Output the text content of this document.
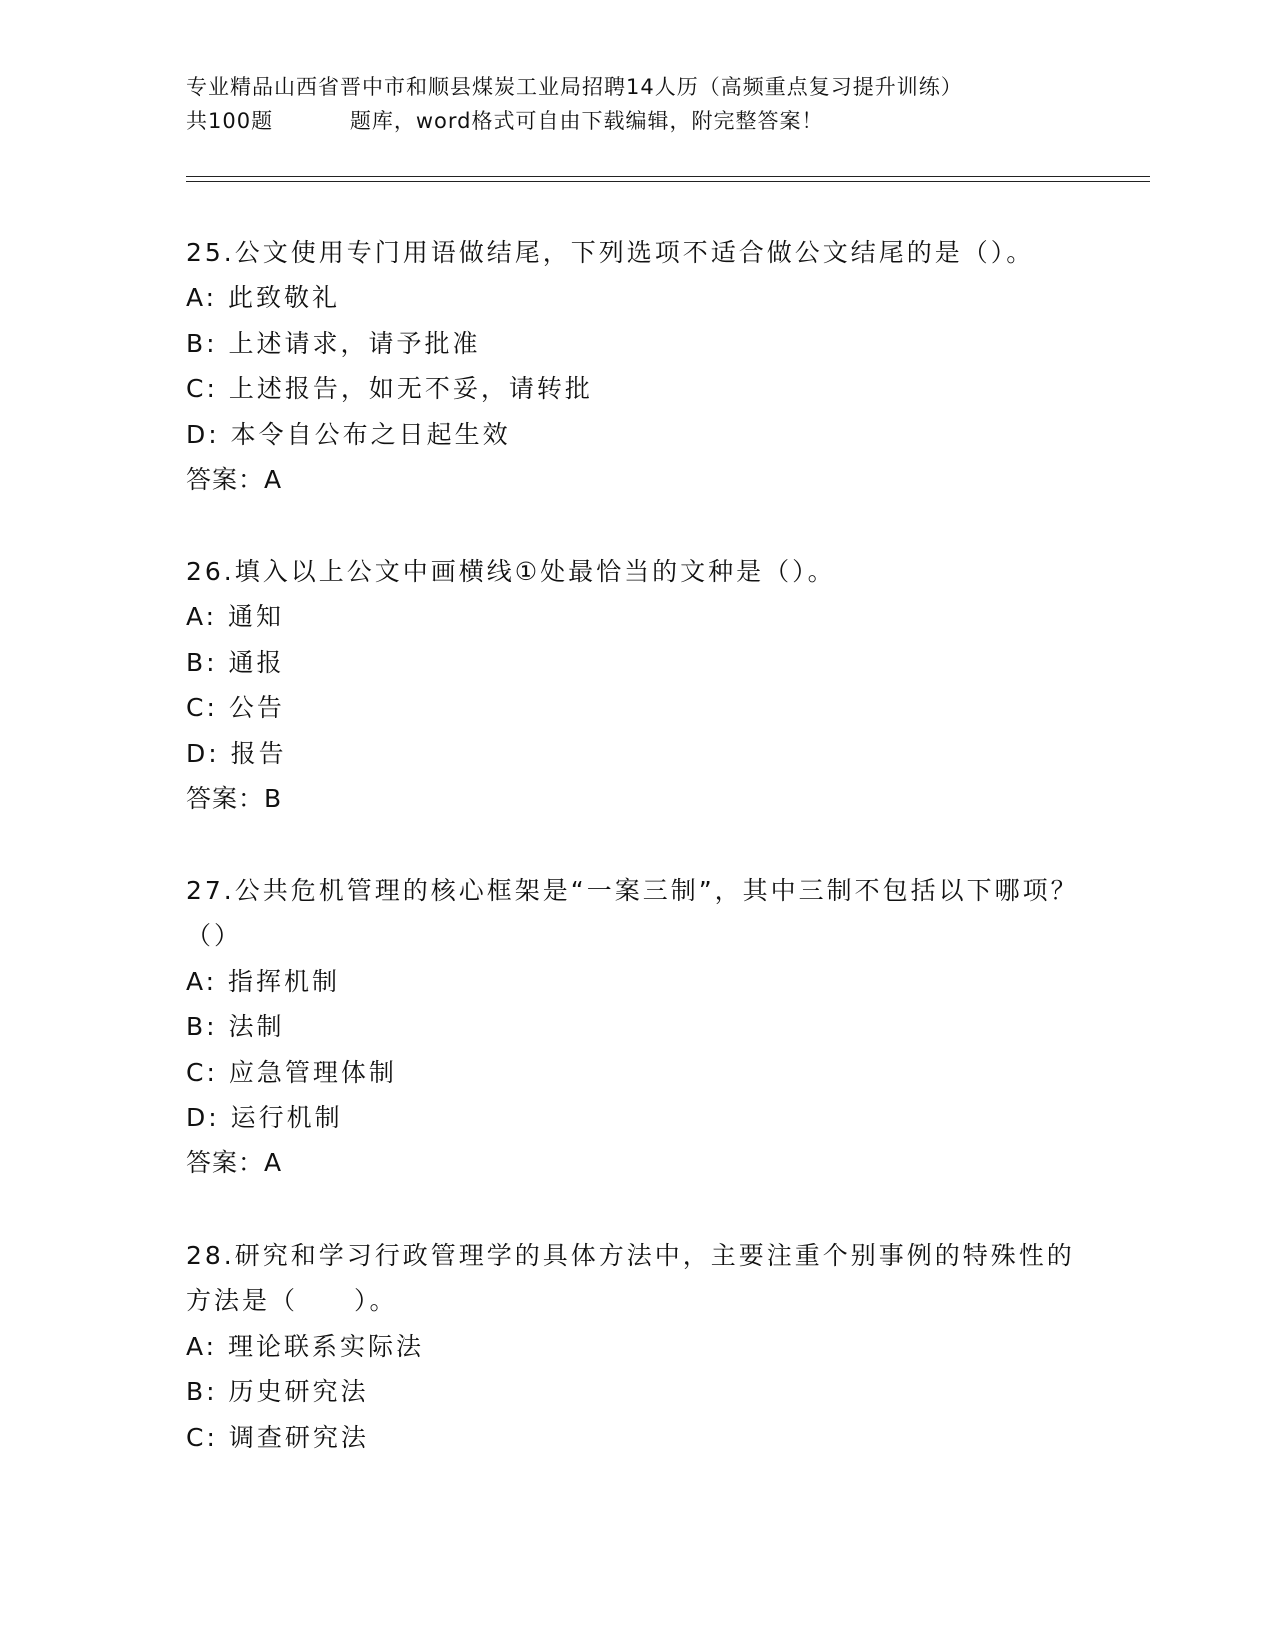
专业精品山西省晋中市和顺县煤炭工业局招聘14人历（高频重点复习提升训练）
共100题          题库，word格式可自由下载编辑，附完整答案！
25.公文使用专门用语做结尾，下列选项不适合做公文结尾的是（）。
A: 此致敬礼
B: 上述请求，请予批准
C: 上述报告，如无不妥，请转批
D: 本令自公布之日起生效
答案：A
26.填入以上公文中画横线①处最恰当的文种是（）。
A: 通知
B: 通报
C: 公告
D: 报告
答案：B
27.公共危机管理的核心框架是“一案三制”，其中三制不包括以下哪项？（）
A: 指挥机制
B: 法制
C: 应急管理体制
D: 运行机制
答案：A
28.研究和学习行政管理学的具体方法中，主要注重个别事例的特殊性的方法是（　　）。
A: 理论联系实际法
B: 历史研究法
C: 调查研究法
